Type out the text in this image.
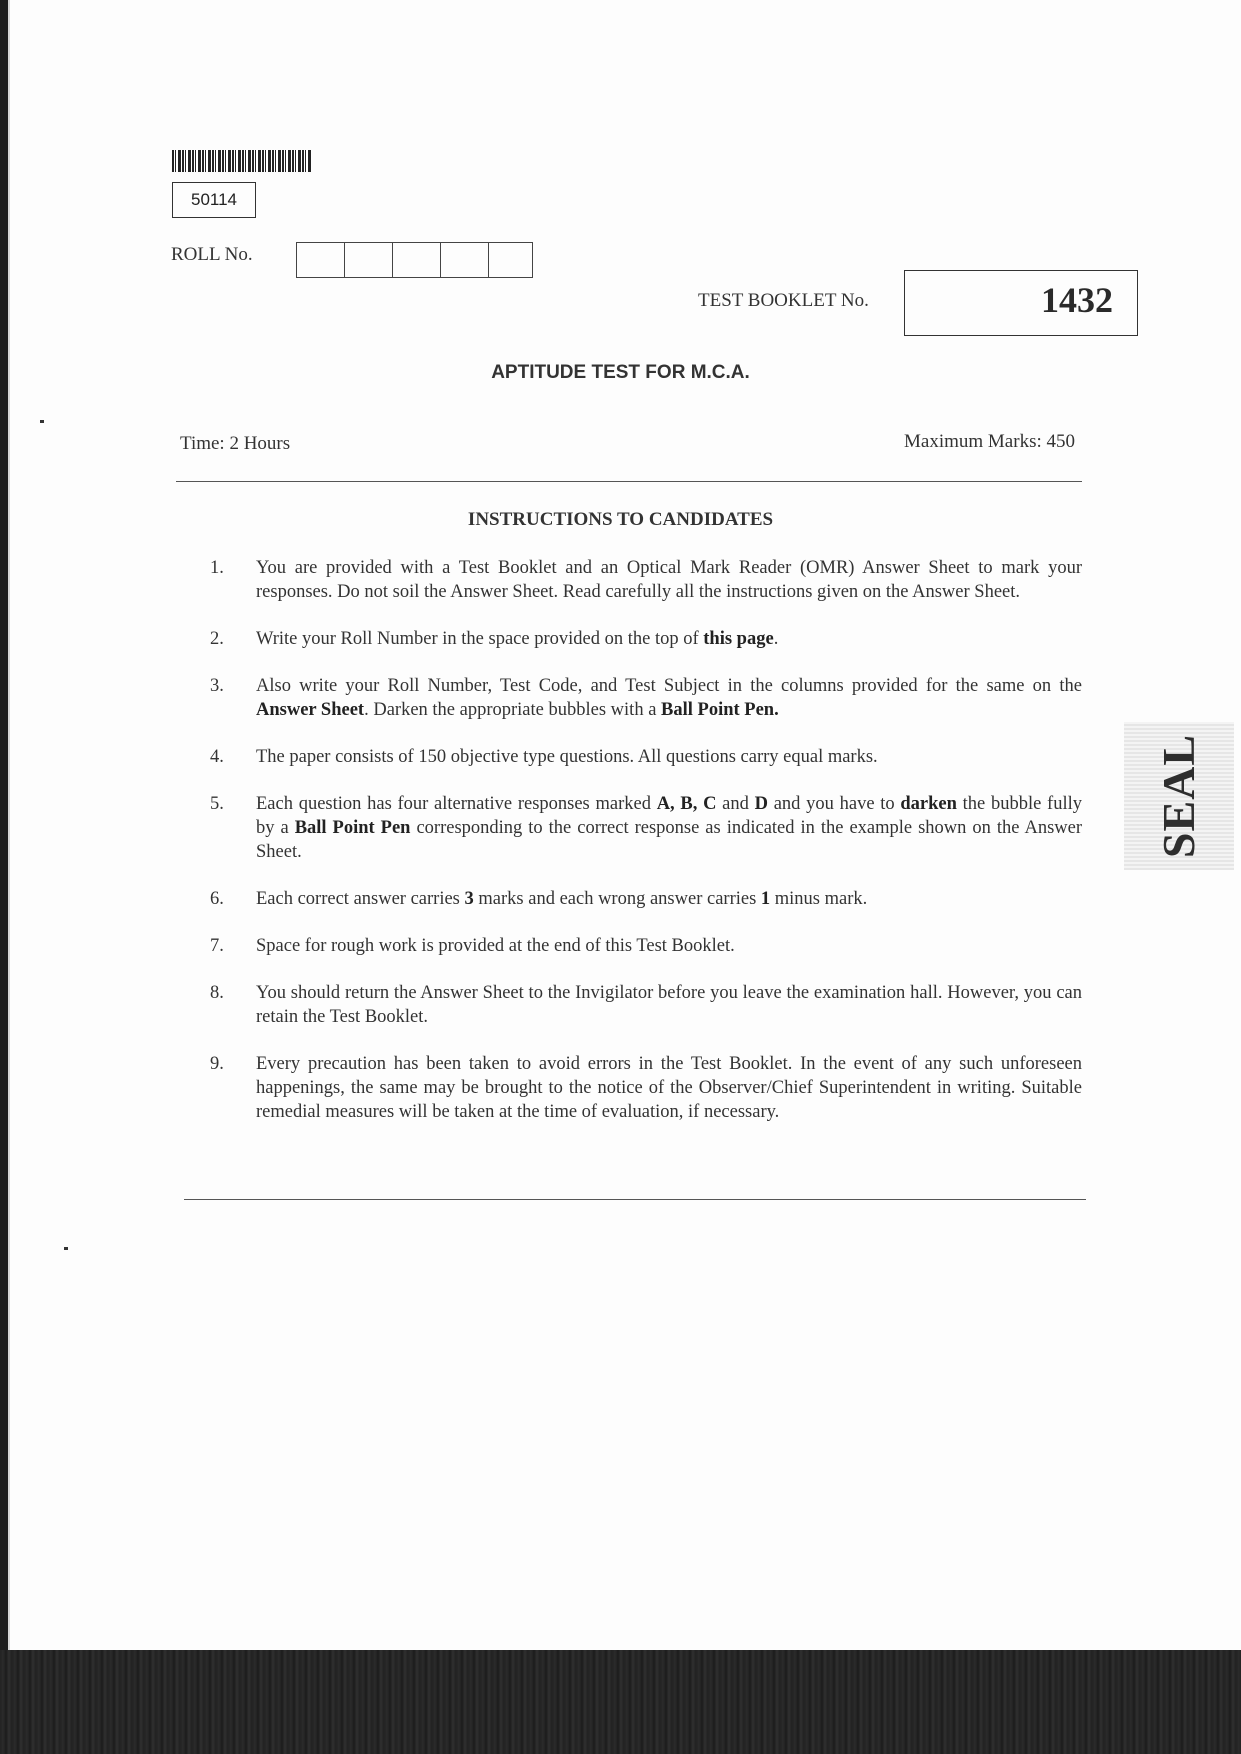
50114
ROLL No.
TEST BOOKLET No.	1432
APTITUDE TEST FOR M.C.A.
Time: 2 Hours	Maximum Marks: 450
INSTRUCTIONS TO CANDIDATES
1.	You are provided with a Test Booklet and an Optical Mark Reader (OMR) Answer Sheet to mark your responses. Do not soil the Answer Sheet. Read carefully all the instructions given on the Answer Sheet.
2.	Write your Roll Number in the space provided on the top of this page.
3.	Also write your Roll Number, Test Code, and Test Subject in the columns provided for the same on the Answer Sheet. Darken the appropriate bubbles with a Ball Point Pen.
4.	The paper consists of 150 objective type questions. All questions carry equal marks.
5.	Each question has four alternative responses marked A, B, C and D and you have to darken the bubble fully by a Ball Point Pen corresponding to the correct response as indicated in the example shown on the Answer Sheet.
6.	Each correct answer carries 3 marks and each wrong answer carries 1 minus mark.
7.	Space for rough work is provided at the end of this Test Booklet.
8.	You should return the Answer Sheet to the Invigilator before you leave the examination hall. However, you can retain the Test Booklet.
9.	Every precaution has been taken to avoid errors in the Test Booklet. In the event of any such unforeseen happenings, the same may be brought to the notice of the Observer/Chief Superintendent in writing. Suitable remedial measures will be taken at the time of evaluation, if necessary.
SEAL
